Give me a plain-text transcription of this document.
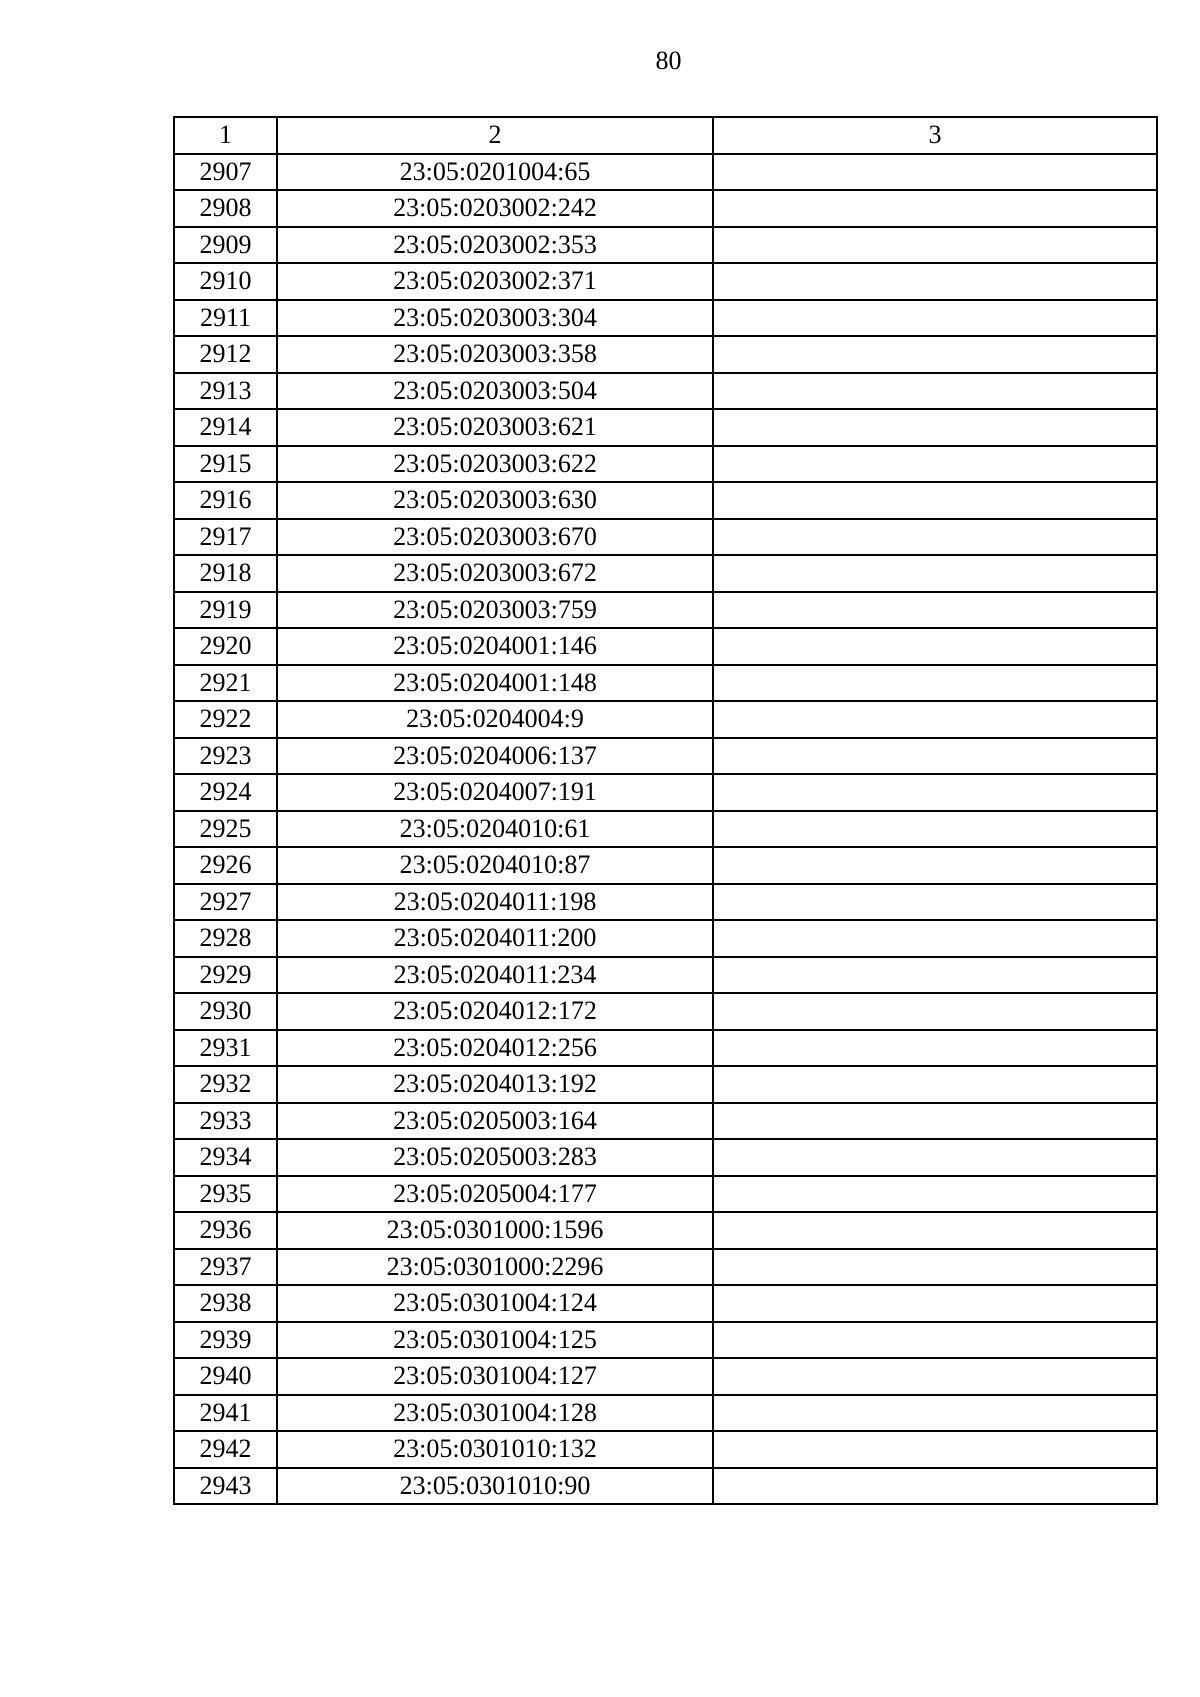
80
1	2	3
2907	23:05:0201004:65	
2908	23:05:0203002:242	
2909	23:05:0203002:353	
2910	23:05:0203002:371	
2911	23:05:0203003:304	
2912	23:05:0203003:358	
2913	23:05:0203003:504	
2914	23:05:0203003:621	
2915	23:05:0203003:622	
2916	23:05:0203003:630	
2917	23:05:0203003:670	
2918	23:05:0203003:672	
2919	23:05:0203003:759	
2920	23:05:0204001:146	
2921	23:05:0204001:148	
2922	23:05:0204004:9	
2923	23:05:0204006:137	
2924	23:05:0204007:191	
2925	23:05:0204010:61	
2926	23:05:0204010:87	
2927	23:05:0204011:198	
2928	23:05:0204011:200	
2929	23:05:0204011:234	
2930	23:05:0204012:172	
2931	23:05:0204012:256	
2932	23:05:0204013:192	
2933	23:05:0205003:164	
2934	23:05:0205003:283	
2935	23:05:0205004:177	
2936	23:05:0301000:1596	
2937	23:05:0301000:2296	
2938	23:05:0301004:124	
2939	23:05:0301004:125	
2940	23:05:0301004:127	
2941	23:05:0301004:128	
2942	23:05:0301010:132	
2943	23:05:0301010:90	
